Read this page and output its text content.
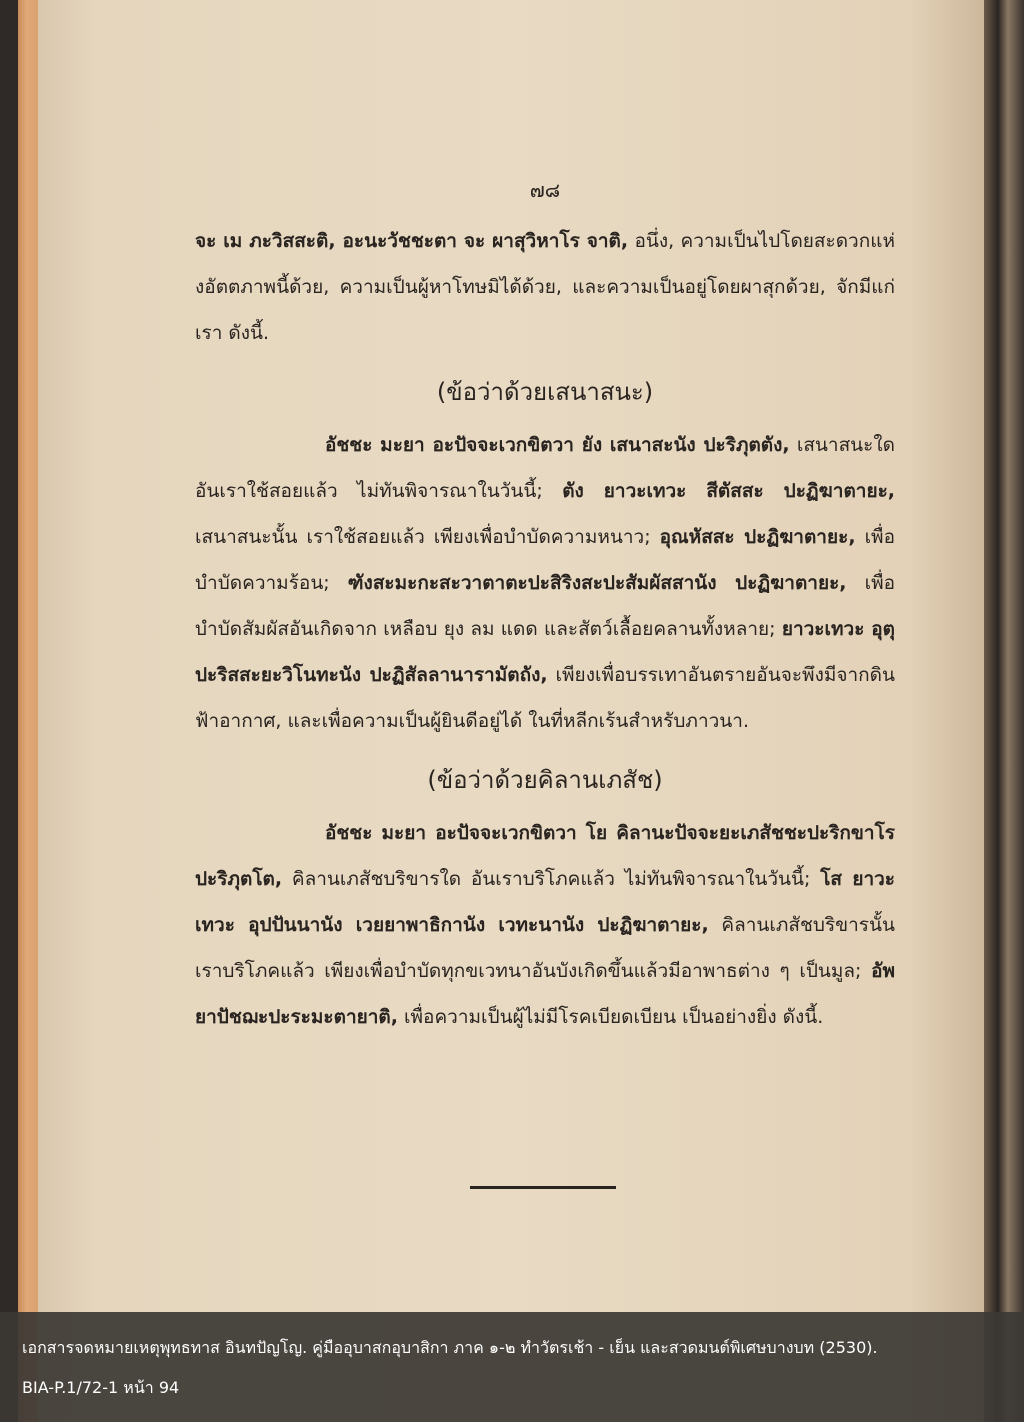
๗๘

จะ เม ภะวิสสะติ, อะนะวัชชะตา จะ ผาสุวิหาโร จาติ, อนึ่ง, ความเป็นไปโดยสะดวกแห่งอัตตภาพนี้ด้วย, ความเป็นผู้หาโทษมิได้ด้วย, และความเป็นอยู่โดยผาสุกด้วย, จักมีแก่เรา ดังนี้.

(ข้อว่าด้วยเสนาสนะ)

อัชชะ มะยา อะปัจจะเวกขิตวา ยัง เสนาสะนัง ปะริภุตตัง, เสนาสนะใด อันเราใช้สอยแล้ว ไม่ทันพิจารณาในวันนี้; ตัง ยาวะเทวะ สีตัสสะ ปะฏิฆาตายะ, เสนาสนะนั้น เราใช้สอยแล้ว เพียงเพื่อบำบัดความหนาว; อุณหัสสะ ปะฏิฆาตายะ, เพื่อบำบัดความร้อน; ฑังสะมะกะสะวาตาตะปะสิริงสะปะสัมผัสสานัง ปะฏิฆาตายะ, เพื่อบำบัดสัมผัสอันเกิดจาก เหลือบ ยุง ลม แดด และสัตว์เลื้อยคลานทั้งหลาย; ยาวะเทวะ อุตุปะริสสะยะวิโนทะนัง ปะฏิสัลลานารามัตถัง, เพียงเพื่อบรรเทาอันตรายอันจะพึงมีจากดินฟ้าอากาศ, และเพื่อความเป็นผู้ยินดีอยู่ได้ ในที่หลีกเร้นสำหรับภาวนา.

(ข้อว่าด้วยคิลานเภสัช)

อัชชะ มะยา อะปัจจะเวกขิตวา โย คิลานะปัจจะยะเภสัชชะปะริกขาโร ปะริภุตโต, คิลานเภสัชบริขารใด อันเราบริโภคแล้ว ไม่ทันพิจารณาในวันนี้; โส ยาวะเทวะ อุปปันนานัง เวยยาพาธิกานัง เวทะนานัง ปะฏิฆาตายะ, คิลานเภสัชบริขารนั้น เราบริโภคแล้ว เพียงเพื่อบำบัดทุกขเวทนาอันบังเกิดขึ้นแล้วมีอาพาธต่าง ๆ เป็นมูล; อัพยาปัชฌะปะระมะตายาติ, เพื่อความเป็นผู้ไม่มีโรคเบียดเบียน เป็นอย่างยิ่ง ดังนี้.

เอกสารจดหมายเหตุพุทธทาส อินทปัญโญ. คู่มืออุบาสกอุบาสิกา ภาค ๑-๒ ทำวัตรเช้า - เย็น และสวดมนต์พิเศษบางบท (2530).
BIA-P.1/72-1 หน้า 94
